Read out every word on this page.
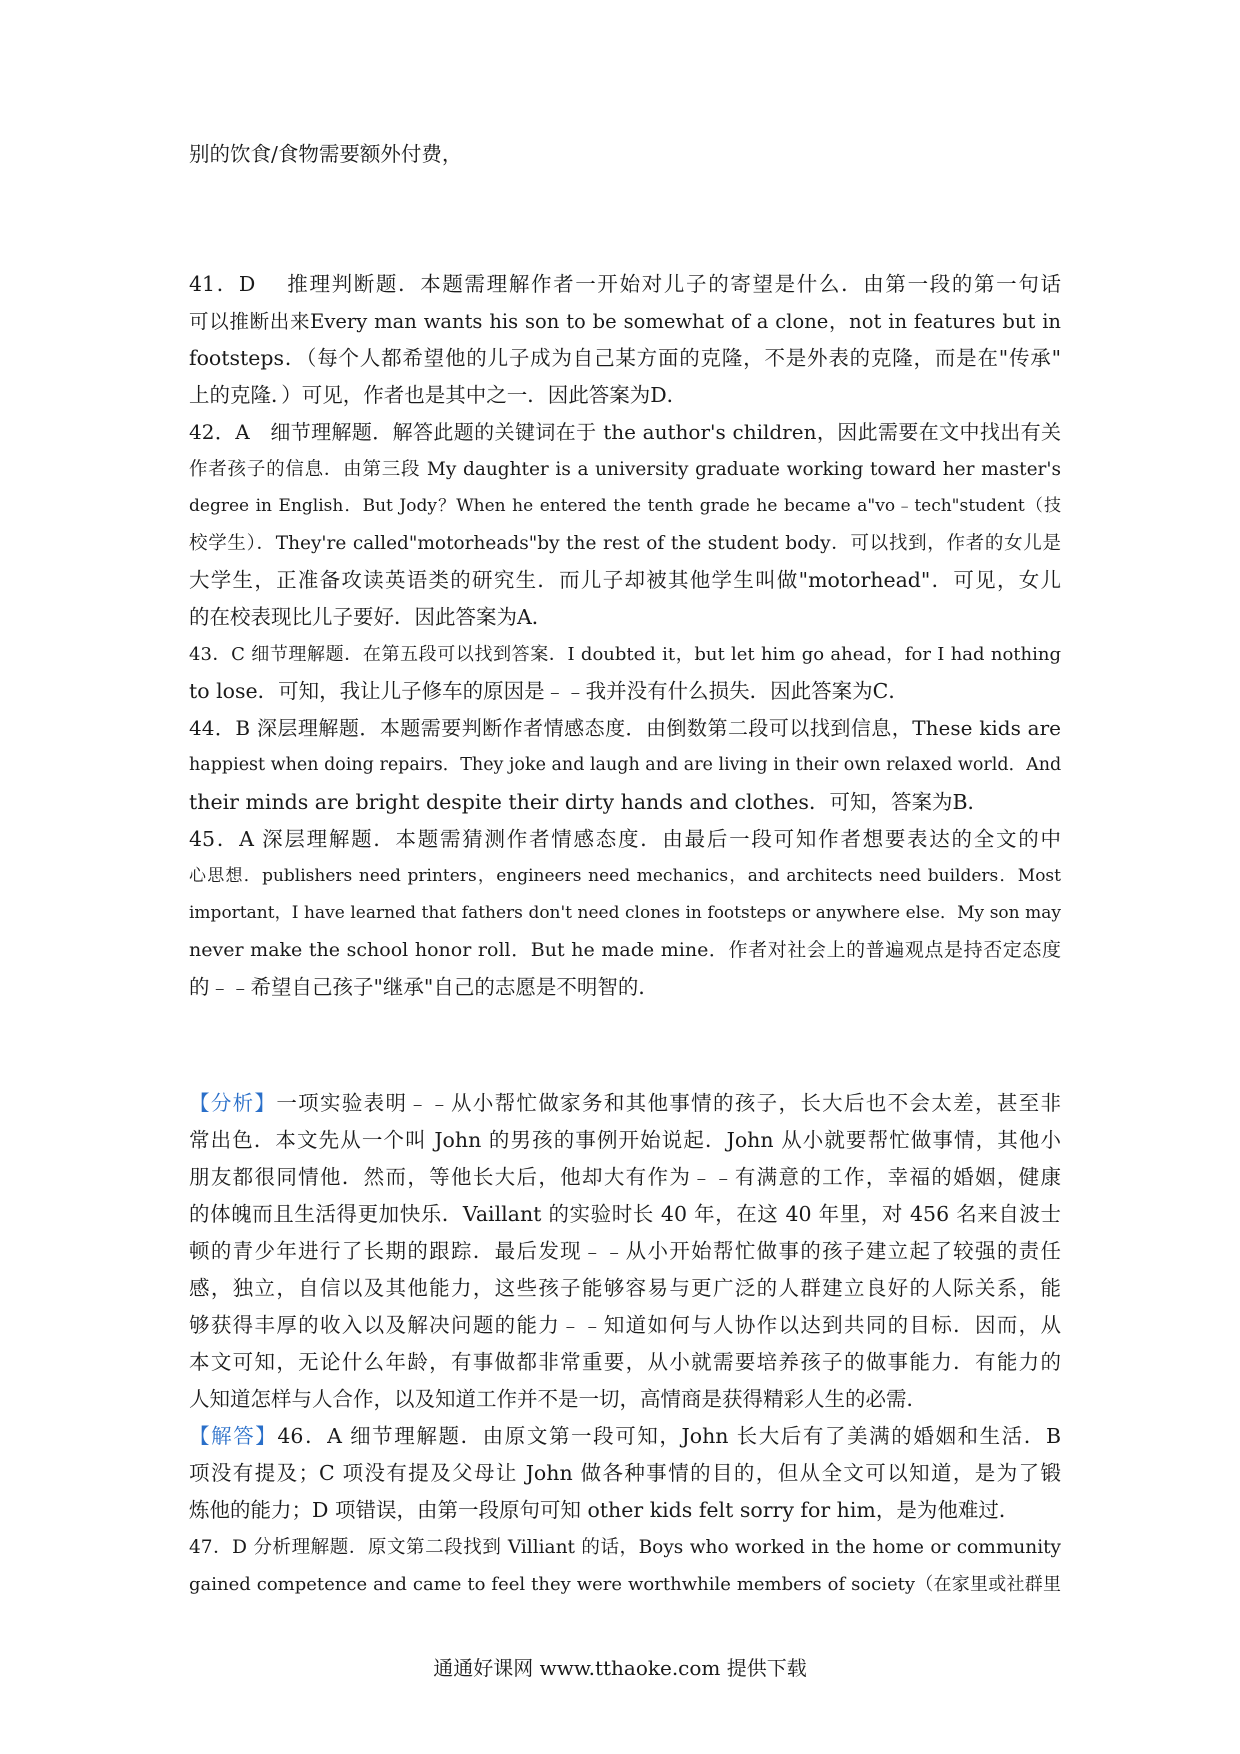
别的饮食/食物需要额外付费，
41．D　 推理判断题．本题需理解作者一开始对儿子的寄望是什么．由第一段的第一句话
可以推断出来Every man wants his son to be somewhat of a clone，not in features but in
footsteps．（每个人都希望他的儿子成为自己某方面的克隆，不是外表的克隆，而是在"传承"
上的克隆．）可见，作者也是其中之一．因此答案为D．
42．A　细节理解题．解答此题的关键词在于 the author's children，因此需要在文中找出有关
作者孩子的信息．由第三段 My daughter is a university graduate working toward her master's
degree in English．But Jody？When he entered the tenth grade he became a"vo﹣tech"student（技
校学生）．They're called"motorheads"by the rest of the student body．可以找到，作者的女儿是
大学生，正准备攻读英语类的研究生．而儿子却被其他学生叫做"motorhead"．可见，女儿
的在校表现比儿子要好．因此答案为A．
43．C 细节理解题．在第五段可以找到答案．I doubted it，but let him go ahead，for I had nothing
to lose．可知，我让儿子修车的原因是﹣﹣我并没有什么损失．因此答案为C．
44．B 深层理解题．本题需要判断作者情感态度．由倒数第二段可以找到信息，These kids are
happiest when doing repairs．They joke and laugh and are living in their own relaxed world．And
their minds are bright despite their dirty hands and clothes．可知，答案为B．
45．A 深层理解题．本题需猜测作者情感态度．由最后一段可知作者想要表达的全文的中
心思想．publishers need printers，engineers need mechanics，and architects need builders．Most
important，I have learned that fathers don't need clones in footsteps or anywhere else．My son may
never make the school honor roll．But he made mine．作者对社会上的普遍观点是持否定态度
的﹣﹣希望自己孩子"继承"自己的志愿是不明智的．
【分析】一项实验表明﹣﹣从小帮忙做家务和其他事情的孩子，长大后也不会太差，甚至非
常出色．本文先从一个叫 John 的男孩的事例开始说起．John 从小就要帮忙做事情，其他小
朋友都很同情他．然而，等他长大后，他却大有作为﹣﹣有满意的工作，幸福的婚姻，健康
的体魄而且生活得更加快乐．Vaillant 的实验时长 40 年，在这 40 年里，对 456 名来自波士
顿的青少年进行了长期的跟踪．最后发现﹣﹣从小开始帮忙做事的孩子建立起了较强的责任
感，独立，自信以及其他能力，这些孩子能够容易与更广泛的人群建立良好的人际关系，能
够获得丰厚的收入以及解决问题的能力﹣﹣知道如何与人协作以达到共同的目标．因而，从
本文可知，无论什么年龄，有事做都非常重要，从小就需要培养孩子的做事能力．有能力的
人知道怎样与人合作，以及知道工作并不是一切，高情商是获得精彩人生的必需．
【解答】46．A 细节理解题．由原文第一段可知，John 长大后有了美满的婚姻和生活．B
项没有提及；C 项没有提及父母让 John 做各种事情的目的，但从全文可以知道，是为了锻
炼他的能力；D 项错误，由第一段原句可知 other kids felt sorry for him，是为他难过．
47．D 分析理解题．原文第二段找到 Villiant 的话，Boys who worked in the home or community
gained competence and came to feel they were worthwhile members of society（在家里或社群里
通通好课网 www.tthaoke.com 提供下载
